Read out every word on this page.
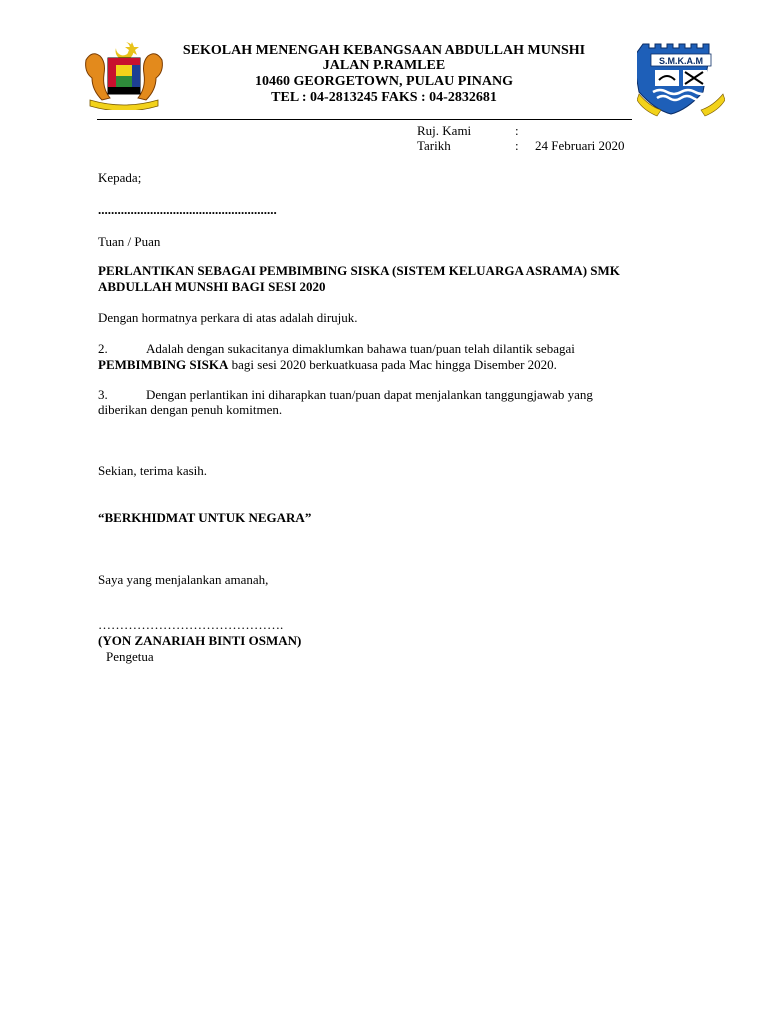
S.M.K.A.M
SEKOLAH MENENGAH KEBANGSAAN ABDULLAH MUNSHI
JALAN P.RAMLEE
10460 GEORGETOWN, PULAU PINANG
TEL : 04-2813245 FAKS : 04-2832681
Ruj. Kami	:
Tarikh	: 24 Februari 2020
Kepada;
.......................................................
Tuan / Puan
PERLANTIKAN SEBAGAI PEMBIMBING SISKA (SISTEM KELUARGA ASRAMA) SMK
ABDULLAH MUNSHI BAGI SESI 2020
Dengan hormatnya perkara di atas adalah dirujuk.
2.	Adalah dengan sukacitanya dimaklumkan bahawa tuan/puan telah dilantik sebagai
PEMBIMBING SISKA bagi sesi 2020 berkuatkuasa pada Mac hingga Disember 2020.
3.	Dengan perlantikan ini diharapkan tuan/puan dapat menjalankan tanggungjawab yang
diberikan dengan penuh komitmen.
Sekian, terima kasih.
“BERKHIDMAT UNTUK NEGARA”
Saya yang menjalankan amanah,
…………………………………….
(YON ZANARIAH BINTI OSMAN)
Pengetua
